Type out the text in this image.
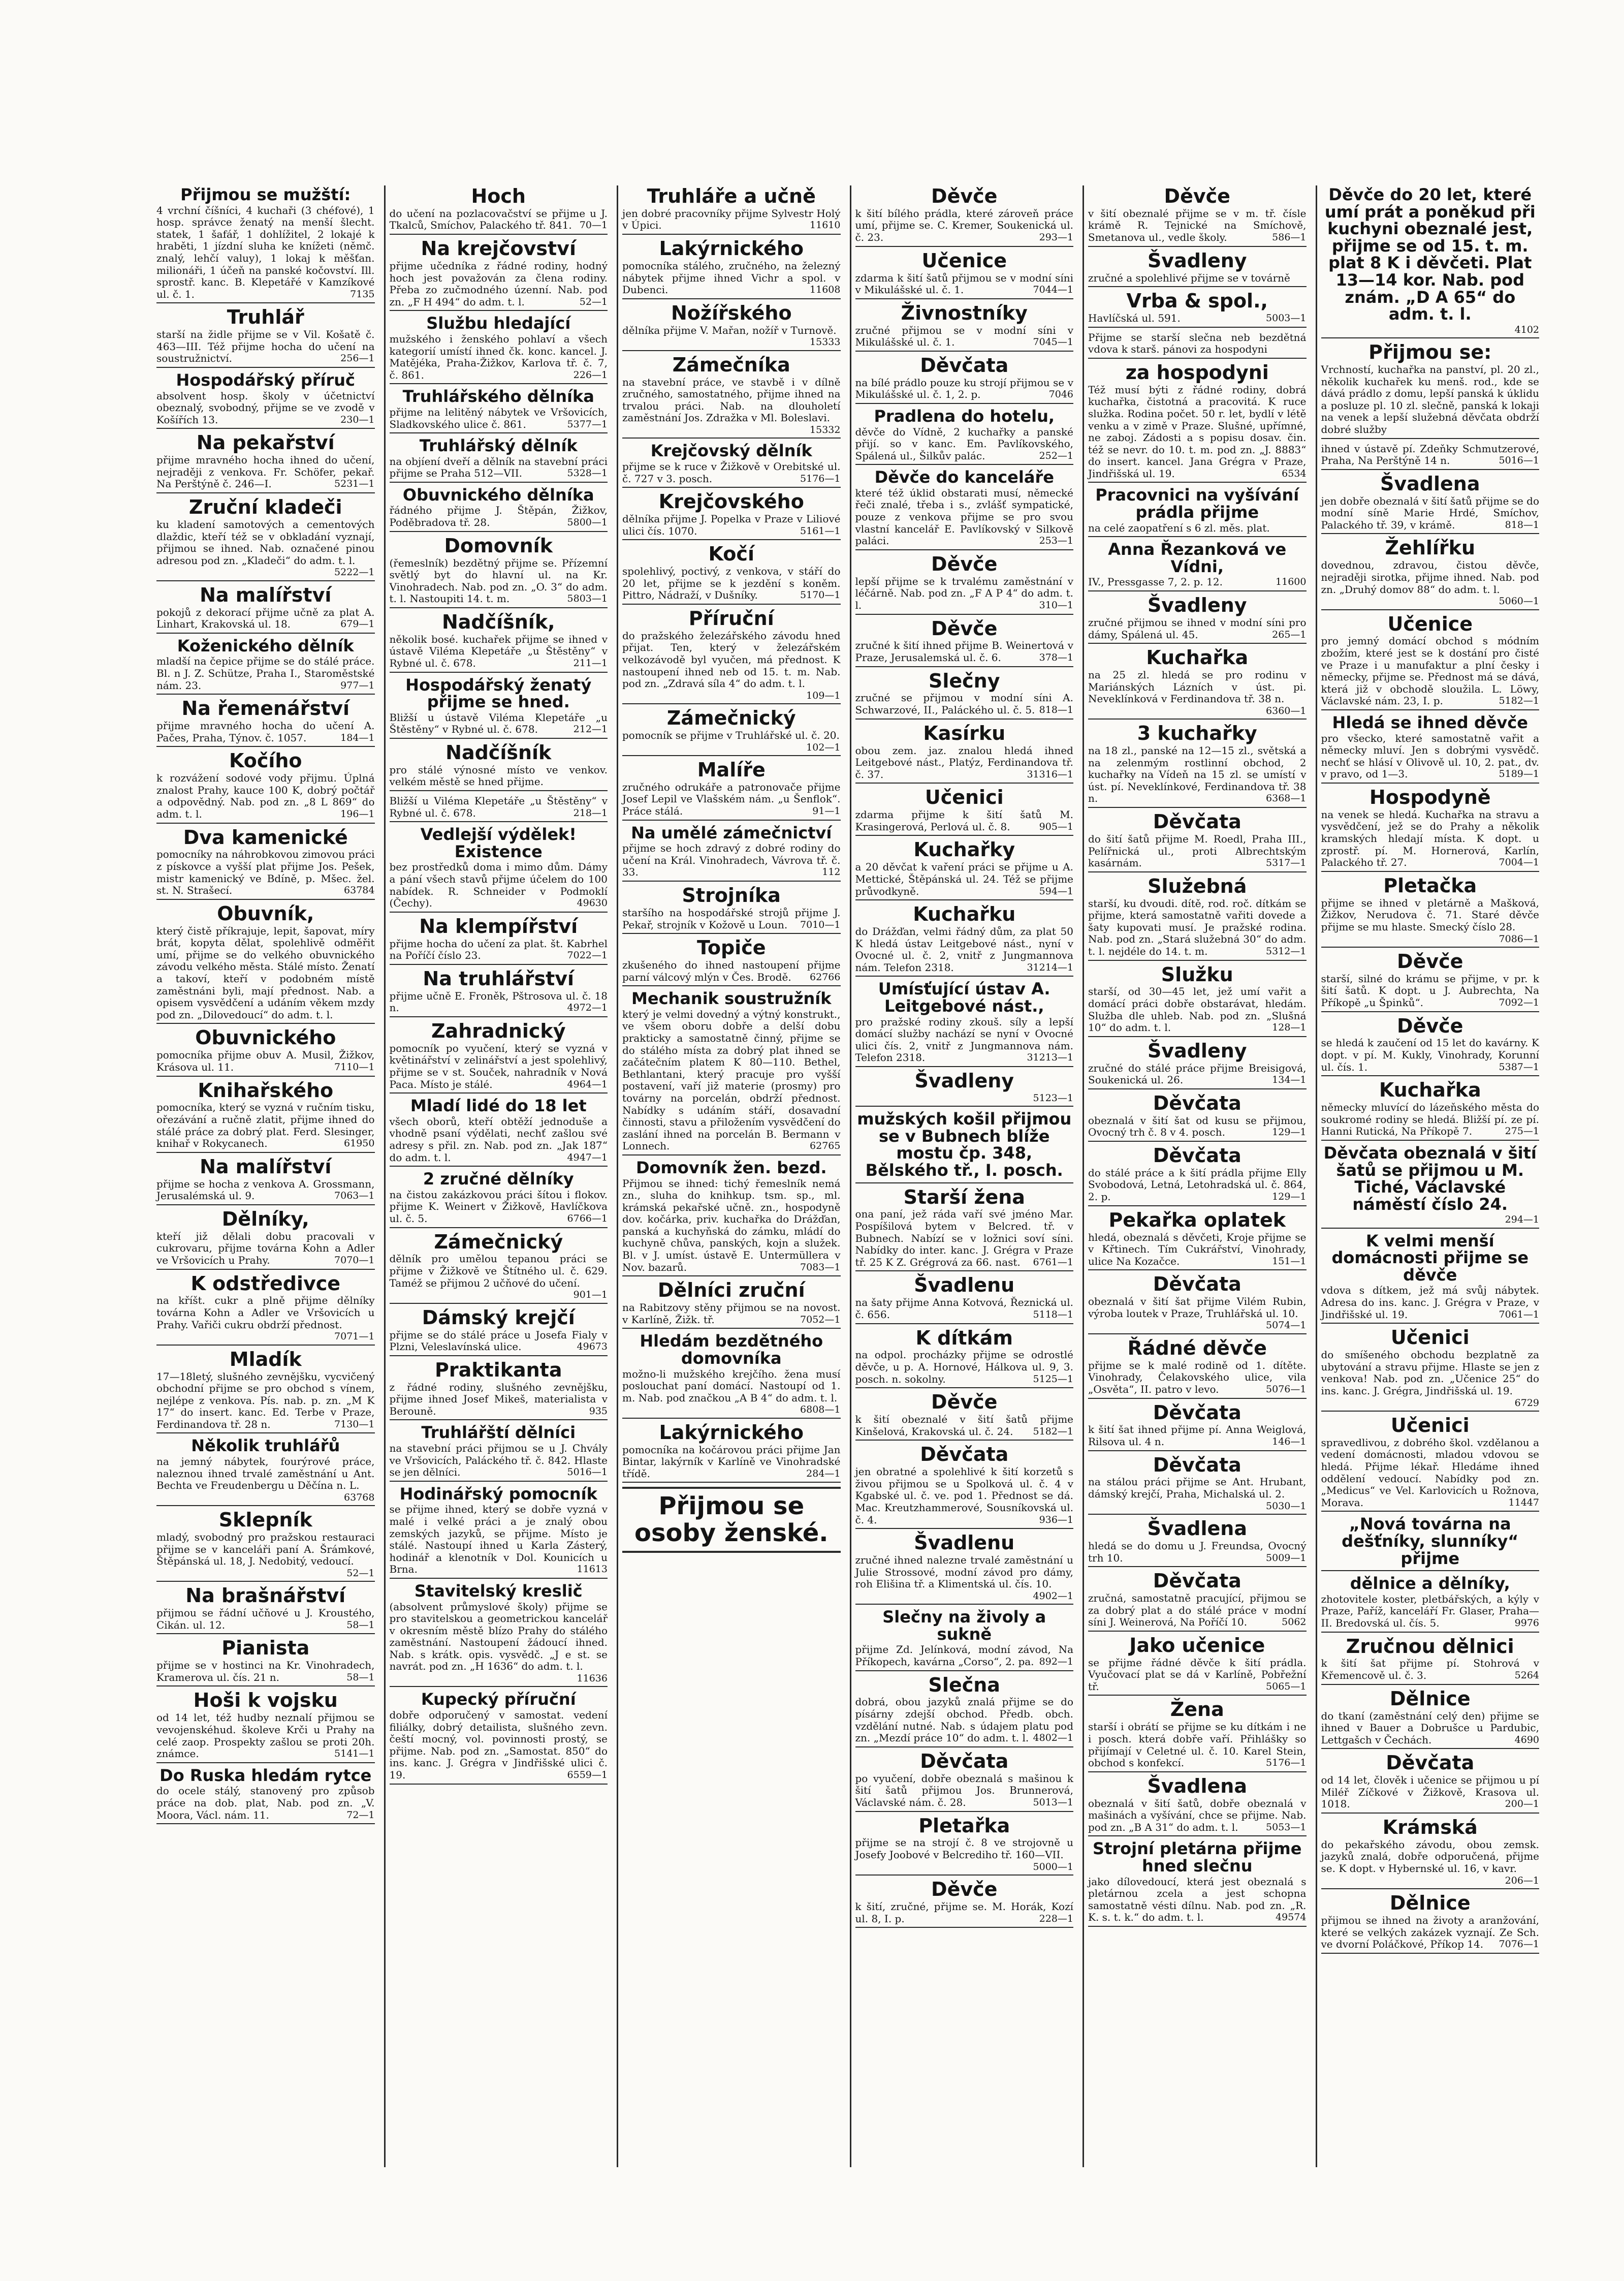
Přijmou se mužští:
4 vrchní číšníci, 4 kuchaři (3 chéfové), 1 hosp. správce ženatý na menší šlecht. statek, 1 šafář, 1 dohlížitel, 2 lokajé k hraběti, 1 jízdní sluha ke knížeti (němč. znalý, lehčí valuy), 1 lokaj k měšťan. milionáři, 1 účeň na panské kočovství. Ill. sprostř. kanc. B. Klepetářé v Kamzíkové ul. č. 1.	7135
Truhlář
starší na židle přijme se v Vil. Košatě č. 463—III. Též přijme hocha do učení na soustružnictví.	256—1
Hospodářský příruč
absolvent hosp. školy v účetnictví obeznalý, svobodný, přijme se ve zvodě v Košířích 13.	230—1
Na pekařství
přijme mravného hocha ihned do učení, nejraději z venkova. Fr. Schöfer, pekař. Na Perštýně č. 246—I.	5231—1
Zruční kladeči
ku kladení samotových a cementových dlaždic, kteří též se v obkladání vyznají, přijmou se ihned. Nab. označené pinou adresou pod zn. „Kladeči“ do adm. t. l.
5222—1
Na malířství
pokojů z dekorací přijme učně za plat A. Linhart, Krakovská ul. 18.	679—1
Koženického dělník
mladší na čepice přijme se do stálé práce. Bl. n J. Z. Schütze, Praha I., Staroměstské nám. 23.	977—1
Na řemenářství
přijme mravného hocha do učení A. Pačes, Praha, Týnov. č. 1057.	184—1
Kočího
k rozvážení sodové vody přijmu. Úplná znalost Prahy, kauce 100 K, dobrý počtář a odpovědný. Nab. pod zn. „8 L 869“ do adm. t. l.	196—1
Dva kamenické
pomocníky na náhrobkovou zimovou práci z pískovce a vyšší plat přijme Jos. Pešek, mistr kamenický ve Bdíně, p. Mšec. žel. st. N. Strašecí.	63784
Obuvník,
který čistě příkrajuje, lepit, šapovat, míry brát, kopyta dělat, spolehlivě odměřit umí, přijme se do velkého obuvnického závodu velkého města. Stálé místo. Ženatí a takoví, kteří v podobném místě zaměstnáni byli, mají přednost. Nab. a opisem vysvědčení a udáním věkem mzdy pod zn. „Dilovedoucí“ do adm. t. l.
Obuvnického
pomocníka přijme obuv A. Musil, Žižkov, Krásova ul. 11.	7110—1
Knihařského
pomocníka, který se vyzná v ručním tisku, ořezávání a ručně zlatit, přijme ihned do stálé práce za dobrý plat. Ferd. Slesinger, knihař v Rokycanech.	61950
Na malířství
přijme se hocha z venkova A. Grossmann, Jerusalémská ul. 9.	7063—1
Dělníky,
kteří již dělali dobu pracovali v cukrovaru, přijme továrna Kohn a Adler ve Vršovicích u Prahy.	7070—1
K odstředivce
na kříšt. cukr a plně přijme dělníky továrna Kohn a Adler ve Vršovicích u Prahy. Vařiči cukru obdrží přednost.
7071—1
Mladík
17—18letý, slušného zevnějšku, vycvičený obchodní přijme se pro obchod s vínem, nejlépe z venkova. Pís. nab. p. zn. „M K 17“ do insert. kanc. Ed. Terbe v Praze, Ferdinandova tř. 28 n.	7130—1
Několik truhlářů
na jemný nábytek, fourýrové práce, naleznou ihned trvalé zaměstnání u Ant. Bechta ve Freudenbergu u Děčína n. L.
63768
Sklepník
mladý, svobodný pro pražskou restauraci přijme se v kanceláři paní A. Šrámkové, Štěpánská ul. 18, J. Nedobitý, vedoucí.
52—1
Na brašnářství
přijmou se řádní učňové u J. Kroustého, Cikán. ul. 12.	58—1
Pianista
přijme se v hostinci na Kr. Vinohradech, Kramerova ul. čís. 21 n.	58—1
Hoši k vojsku
od 14 let, též hudby neznalí přijmou se vevojenskéhud. školeve Krči u Prahy na celé zaop. Prospekty zašlou se proti 20h. známce.	5141—1
Do Ruska hledám rytce
do ocele stálý, stanovený pro způsob práce na dob. plat, Nab. pod zn. „V. Moora, Václ. nám. 11.	72—1
Hoch
do učení na pozlacovačství se přijme u J. Tkalců, Smíchov, Palackého tř. 841. 70—1
Na krejčovství
přijme učedníka z řádné rodiny, hodný hoch jest považován za člena rodiny. Přeba zo zučmodného úzenní. Nab. pod zn. „F H 494“ do adm. t. l.	52—1
Službu hledající
mužského i ženského pohlaví a všech kategorií umístí ihned čk. konc. kancel. J. Matějéka, Praha-Žižkov, Karlova tř. č. 7, č. 861.	226—1
Truhlářského dělníka
přijme na lelitěný nábytek ve Vršovicích, Sladkovského ulice č. 861.	5377—1
Truhlářský dělník
na objíení dveří a dělník na stavební práci přijme se Praha 512—VII.	5328—1
Obuvnického dělníka
řádného přijme J. Štěpán, Žižkov, Poděbradova tř. 28.	5800—1
Domovník
(řemeslník) bezdětný přijme se. Přízemní světlý byt do hlavní ul. na Kr. Vinohradech. Nab. pod zn. „O. 3“ do adm. t. l. Nastoupiti 14. t. m.	5803—1
Nadčíšník,
několik bosé. kuchařek přijme se ihned v ústavě Viléma Klepetáře „u Štěstěny“ v Rybné ul. č. 678.	211—1
Hospodářský ženatý přijme se hned.
Bližší u ústavě Viléma Klepetáře „u Štěstěny“ v Rybné ul. č. 678.	212—1
Nadčíšník
pro stálé výnosné místo ve venkov. velkém městě se hned přijme.
Bližší u Viléma Klepetáře „u Štěstěny“ v Rybné ul. č. 678.	218—1
Vedlejší výdělek! Existence
bez prostředků doma i mimo dům. Dámy a pání všech stavů přijme účelem do 100 nabídek. R. Schneider v Podmoklí (Čechy).	49630
Na klempířství
přijme hocha do učení za plat. št. Kabrhel na Poříčí číslo 23.	7022—1
Na truhlářství
přijme učně E. Froněk, Pštrosova ul. č. 18 n.	4972—1
Zahradnický
pomocník po vyučení, který se vyzná v květinářství v zelinářství a jest spolehlivý, přijme se v st. Souček, nahradník v Nová Paca. Místo je stálé.	4964—1
Mladí lidé do 18 let
všech oborů, kteří obtěží jednoduše a vhodně psaní výdělati, nechť zašlou své adresy s přil. zn. Nab. pod zn. „Jak 187“ do adm. t. l.	4947—1
2 zručné dělníky
na čistou zakázkovou práci šítou i flokov. přijme K. Weinert v Žižkově, Havlíčkova ul. č. 5.	6766—1
Zámečnický
dělník pro umělou tepanou práci se přijme v Žižkově ve Štítného ul. č. 629. Taméž se přijmou 2 učňové do učení.
901—1
Dámský krejčí
přijme se do stálé práce u Josefa Fialy v Plzni, Veleslavínská ulice.	49673
Praktikanta
z řádné rodiny, slušného zevnějšku, přijme ihned Josef Mikeš, materialista v Berouně.	935
Truhlářští dělníci
na stavební práci přijmou se u J. Chvály ve Vršovicích, Paláckého tř. č. 842. Hlaste se jen dělníci.	5016—1
Hodinářský pomocník
se přijme ihned, který se dobře vyzná v malé i velké práci a je znalý obou zemských jazyků, se přijme. Místo je stálé. Nastoupí ihned u Karla Zásterý, hodinář a klenotník v Dol. Kounicích u Brna.	11613
Stavitelský kreslič
(absolvent průmyslové školy) přijme se pro stavitelskou a geometrickou kancelář v okresním městě blízo Prahy do stálého zaměstnání. Nastoupení žádoucí ihned. Nab. s krátk. opis. vysvědč. „J e st. se navrát. pod zn. „H 1636“ do adm. t. l.
11636
Kupecký příruční
dobře odporučený v samostat. vedení filiálky, dobrý detailista, slušného zevn. čeští mocný, vol. povinnosti prostý, se přijme. Nab. pod zn. „Samostat. 850“ do ins. kanc. J. Grégra v Jindřišské ulici č. 19.	6559—1
Truhláře a učně
jen dobré pracovníky přijme Sylvestr Holý v Úpici.	11610
Lakýrnického
pomocníka stálého, zručného, na železný nábytek přijme ihned Vichr a spol. v Dubenci.	11608
Nožířského
dělníka přijme V. Mařan, nožíř v Turnově.
15333
Zámečníka
na stavební práce, ve stavbě i v dílně zručného, samostatného, přijme ihned na trvalou práci. Nab. na dlouholetí zaměstnání Jos. Zdražka v Ml. Boleslavi.
15332
Krejčovský dělník
přijme se k ruce v Žižkově v Orebitské ul. č. 727 v 3. posch.	5176—1
Krejčovského
dělníka přijme J. Popelka v Praze v Liliové ulici čís. 1070.	5161—1
Kočí
spolehlivý, poctivý, z venkova, v stáří do 20 let, přijme se k jezdění s koněm. Pittro, Nádraží, v Dušníky.	5170—1
Příruční
do pražského železářského závodu hned přijat. Ten, který v železářském velkozávodě byl vyučen, má přednost. K nastoupení ihned neb od 15. t. m. Nab. pod zn. „Zdravá síla 4“ do adm. t. l.
109—1
Zámečnický
pomocník se přijme v Truhlářské ul. č. 20.
102—1
Malíře
zručného odrukáře a patronovače přijme Josef Lepil ve Vlašském nám. „u Šenflok“. Práce stálá.	91—1
Na umělé zámečnictví
přijme se hoch zdravý z dobré rodiny do učení na Král. Vinohradech, Vávrova tř. č. 33.	112
Strojníka
staršího na hospodářské strojů přijme J. Pekař, strojník v Kožově u Loun. 7010—1
Topiče
zkušeného do ihned nastoupení přijme parní válcový mlýn v Čes. Brodě. 62766
Mechanik soustružník
který je velmi dovedný a výtný konstrukt., ve všem oboru dobře a delší dobu prakticky a samostatně činný, přijme se do stálého místa za dobrý plat ihned se začátečním platem K 80—110. Bethel, Bethlantani, který pracuje pro vyšší postavení, vaří již materie (prosmy) pro továrny na porcelán, obdrží přednost. Nabídky s udáním stáří, dosavadní činnosti, stavu a přiložením vysvědčení do zaslání ihned na porcelán B. Bermann v Lonnech.	62765
Domovník žen. bezd.
Přijmou se ihned: tichý řemeslník nemá zn., sluha do knihkup. tsm. sp., ml. krámská pekařské učně. zn., hospodyně dov. kočárka, priv. kuchařka do Drážďan, panská a kuchyňská do zámku, mládí do kuchyně chůva, panských, kojn a služek. Bl. v J. umíst. ústavě E. Untermüllera v Nov. bazarů.	7083—1
Dělníci zruční
na Rabitzovy stěny přijmou se na novost. v Karlíně, Žižk. tř.	7052—1
Hledám bezdětného domovníka
možno-li mužského krejčího. žena musí poslouchat paní domácí. Nastoupí od 1. m. Nab. pod značkou „A B 4“ do adm. t. l.
6808—1
Lakýrnického
pomocníka na kočárovou práci přijme Jan Bintar, lakýrník v Karlíně ve Vinohradské třídě.	284—1
Přijmou se osoby ženské.
Děvče
k šití bílého prádla, které zároveň práce umí, přijme se. C. Kremer, Soukenická ul. č. 23.	293—1
Učenice
zdarma k šití šatů přijmou se v modní síni v Mikulášské ul. č. 1.	7044—1
Živnostníky
zručné přijmou se v modní síni v Mikulášské ul. č. 1.	7045—1
Děvčata
na bílé prádlo pouze ku strojí přijmou se v Mikulášské ul. č. 1, 2. p.	7046
Pradlena do hotelu,
děvče do Vídně, 2 kuchařky a panské přijí. so v kanc. Em. Pavlíkovského, Spálená ul., Šilkův palác.	252—1
Děvče do kanceláře
které též úklid obstarati musí, německé řeči znalé, třeba i s., zvlášť sympatické, pouze z venkova přijme se pro svou vlastní kancelář E. Pavlíkovský v Silkově paláci.	253—1
Děvče
lepší přijme se k trvalému zaměstnání v léčárně. Nab. pod zn. „F A P 4“ do adm. t. l.	310—1
Děvče
zručné k šití ihned přijme B. Weinertová v Praze, Jerusalemská ul. č. 6.	378—1
Slečny
zručné se přijmou v modní síni A. Schwarzové, II., Paláckého ul. č. 5. 818—1
Kasírku
obou zem. jaz. znalou hledá ihned Leitgebové nást., Platýz, Ferdinandova tř. č. 37.	31316—1
Učenici
zdarma přijme k šití šatů M. Krasingerová, Perlová ul. č. 8.	905—1
Kuchařky
a 20 děvčat k vaření práci se přijme u A. Mettické, Štěpánská ul. 24. Též se přijme průvodkyně.	594—1
Kuchařku
do Drážďan, velmi řádný dům, za plat 50 K hledá ústav Leitgebové nást., nyní v Ovocné ul. č. 2, vnitř z Jungmannova nám. Telefon 2318.	31214—1
Umísťující ústav A. Leitgebové nást.,
pro pražské rodiny zkouš. síly a lepší domácí služby nachází se nyní v Ovocné ulici čís. 2, vnitř z Jungmannova nám. Telefon 2318.	31213—1
Švadleny
5123—1
mužských košil přijmou se v Bubnech blíže mostu čp. 348, Bělského tř., I. posch.
Starší žena
ona paní, jež ráda vaří své jméno Mar. Pospíšilová bytem v Belcred. tř. v Bubnech. Nabízí se v ložnici soví síni. Nabídky do inter. kanc. J. Grégra v Praze tř. 25 K Z. Grégrová za 66. nast. 6761—1
Švadlenu
na šaty přijme Anna Kotvová, Řeznická ul. č. 656.	5118—1
K dítkám
na odpol. procházky přijme se odrostlé děvče, u p. A. Hornové, Hálkova ul. 9, 3. posch. n. sokolny.	5125—1
Děvče
k šití obeznalé v šití šatů přijme Kinšelová, Krakovská ul. č. 24. 5182—1
Děvčata
jen obratné a spolehlivé k šití korzetů s živou přijmou se u Spolková ul. č. 4 v Kgabské ul. č. ve. pod 1. Přednost se dá. Mac. Kreutzhammerové, Sousníkovská ul. č. 4.	936—1
Švadlenu
zručné ihned nalezne trvalé zaměstnání u Julie Strossové, modní závod pro dámy, roh Elišina tř. a Klimentská ul. čís. 10.
4902—1
Slečny na živoly a sukně
přijme Zd. Jelínková, modní závod, Na Příkopech, kavárna „Corso“, 2. pa. 892—1
Slečna
dobrá, obou jazyků znalá přijme se do písárny zdejší obchod. Předb. obch. vzdělání nutné. Nab. s údajem platu pod zn. „Mezdí práce 10“ do adm. t. l. 4802—1
Děvčata
po vyučení, dobře obeznalá s mašinou k šití šatů přijmou Jos. Brunnerová, Václavské nám. č. 28.	5013—1
Pletařka
přijme se na strojí č. 8 ve strojovně u Josefy Joobové v Belcrediho tř. 160—VII.
5000—1
Děvče
k šití, zručné, přijme se. M. Horák, Kozí ul. 8, I. p.	228—1
Děvče
v šití obeznalé přijme se v m. tř. čísle krámě R. Tejnické na Smíchově, Smetanova ul., vedle školy.	586—1
Švadleny
zručné a spolehlivé přijme se v továrně
Vrba & spol.,
Havlíčská ul. 591.	5003—1
Přijme se starší slečna neb bezdětná vdova k starš. pánovi za hospodyni
za hospodyni
Též musí býti z řádné rodiny, dobrá kuchařka, čistotná a pracovitá. K ruce služka. Rodina počet. 50 r. let, bydlí v létě venku a v zimě v Praze. Slušné, upřímné, ne zaboj. Zádosti a s popisu dosav. čin. též se nevr. do 10. t. m. pod zn. „J. 8883“ do insert. kancel. Jana Grégra v Praze, Jindřišská ul. 19.	6534
Pracovnici na vyšívání prádla přijme
na celé zaopatření s 6 zl. měs. plat.
Anna Řezanková ve Vídni,
IV., Pressgasse 7, 2. p. 12.	11600
Švadleny
zručné přijmou se ihned v modní síni pro dámy, Spálená ul. 45.	265—1
Kuchařka
na 25 zl. hledá se pro rodinu v Mariánských Lázních v úst. pi. Neveklínková v Ferdinandova tř. 38 n.
6360—1
3 kuchařky
na 18 zl., panské na 12—15 zl., světská a na zelenmým rostlinní obchod, 2 kuchařky na Vídeň na 15 zl. se umístí v úst. pí. Neveklínkové, Ferdinandova tř. 38 n.	6368—1
Děvčata
do šití šatů přijme M. Roedl, Praha III., Pelířnická ul., proti Albrechtským kasárnám.	5317—1
Služebná
starší, ku dvoudi. dítě, rod. roč. dítkám se přijme, která samostatně vařiti dovede a šaty kupovati musí. Je pražské rodina. Nab. pod zn. „Stará služebná 30“ do adm. t. l. nejdéle do 14. t. m.	5312—1
Služku
starší, od 30—45 let, jež umí vařit a domácí práci dobře obstarávat, hledám. Služba dle uhleb. Nab. pod zn. „Slušná 10“ do adm. t. l.	128—1
Švadleny
zručné do stálé práce přijme Breisigová, Soukenická ul. 26.	134—1
Děvčata
obeznalá v šití šat od kusu se přijmou, Ovocný trh č. 8 v 4. posch.	129—1
Děvčata
do stálé práce a k šití prádla přijme Elly Svobodová, Letná, Letohradská ul. č. 864, 2. p.	129—1
Pekařka oplatek
hledá, obeznalá s děvčeti, Kroje přijme se v Křtinech. Tím Cukrářství, Vinohrady, ulice Na Kozačce.	151—1
Děvčata
obeznalá v šití šat přijme Vilém Rubin, výroba loutek v Praze, Truhlářská ul. 10.
5074—1
Řádné děvče
přijme se k malé rodině od 1. dítěte. Vinohrady, Čelakovského ulice, vila „Osvěta“, II. patro v levo.	5076—1
Děvčata
k šití šat ihned přijme pí. Anna Weiglová, Rilsova ul. 4 n.	146—1
Děvčata
na stálou práci přijme se Ant. Hrubant, dámský krejčí, Praha, Michalská ul. 2.
5030—1
Švadlena
hledá se do domu u J. Freundsa, Ovocný trh 10.	5009—1
Děvčata
zručná, samostatně pracující, přijmou se za dobrý plat a do stálé práce v modní síni J. Weinerová, Na Poříčí 10.	5062
Jako učenice
se přijme řádné děvče k šití prádla. Vyučovací plat se dá v Karlíně, Pobřežní tř.	5065—1
Žena
starší i obrátí se přijme se ku dítkám i ne i posch. která dobře vaří. Přihlášky so přijímají v Celetné ul. č. 10. Karel Stein, obchod s konfekcí.	5176—1
Švadlena
obeznalá v šití šatů, dobře obeznalá v mašinách a vyšívání, chce se přijme. Nab. pod zn. „B A 31“ do adm. t. l.	5053—1
Strojní pletárna přijme hned slečnu
jako dílovedoucí, která jest obeznalá s pletárnou zcela a jest schopna samostatně vésti dílnu. Nab. pod zn. „R. K. s. t. k.“ do adm. t. l.	49574
Děvče do 20 let, které umí prát a poněkud při kuchyni obeznalé jest, přijme se od 15. t. m. plat 8 K i děvčeti. Plat 13—14 kor. Nab. pod znám. „D A 65“ do adm. t. l.
4102
Přijmou se:
Vrchností, kuchařka na panství, pl. 20 zl., několik kuchařek ku menš. rod., kde se dává prádlo z domu, lepší panská k úklidu a posluze pl. 10 zl. slečně, panská k lokaji na venek a lepší služebná děvčata obdrží dobré služby
ihned v ústavě pí. Zdeňky Schmutzerové, Praha, Na Perštýně 14 n.	5016—1
Švadlena
jen dobře obeznalá v šití šatů přijme se do modní síně Marie Hrdé, Smíchov, Palackého tř. 39, v krámě.	818—1
Žehlířku
dovednou, zdravou, čistou děvče, nejraději sirotka, přijme ihned. Nab. pod zn. „Druhý domov 88“ do adm. t. l.
5060—1
Učenice
pro jemný domácí obchod s módním zbožím, které jest se k dostání pro čisté ve Praze i u manufaktur a plní česky i německy, přijme se. Přednost má se dává, která již v obchodě sloužila. L. Löwy, Václavské nám. 23, I. p.	5182—1
Hledá se ihned děvče
pro všecko, které samostatně vařit a německy mluví. Jen s dobrými vysvědč. nechť se hlásí v Olivově ul. 10, 2. pat., dv. v pravo, od 1—3.	5189—1
Hospodyně
na venek se hledá. Kuchařka na stravu a vysvědčení, jež se do Prahy a několik kramských hledají místa. K dopt. u zprostř. pí. M. Hornerová, Karlín, Palackého tř. 27.	7004—1
Pletačka
přijme se ihned v pletárně a Mašková, Žižkov, Nerudova č. 71. Staré děvče přijme se mu hlaste. Smecký číslo 28.
7086—1
Děvče
starší, silné do krámu se přijme, v pr. k šití šatů. K dopt. u J. Aubrechta, Na Příkopě „u Špinků“.	7092—1
Děvče
se hledá k zaučení od 15 let do kavárny. K dopt. v pí. M. Kukly, Vinohrady, Korunní ul. čís. 1.	5387—1
Kuchařka
německy mluvící do lázeňského města do soukromé rodiny se hledá. Bližší pí. ze pí. Hanni Rutická, Na Příkopě 7.	275—1
Děvčata obeznalá v šití šatů se přijmou u M. Tiché, Václavské náměstí číslo 24.
294—1
K velmi menší domácnosti přijme se děvče
vdova s dítkem, jež má svůj nábytek. Adresa do ins. kanc. J. Grégra v Praze, v Jindřišské ul. 19.	7061—1
Učenici
do smíšeného obchodu bezplatně za ubytování a stravu přijme. Hlaste se jen z venkova! Nab. pod zn. „Učenice 25“ do ins. kanc. J. Grégra, Jindřišská ul. 19.
6729
Učenici
spravedlivou, z dobrého škol. vzdělanou a vedení domácnosti, mladou vdovou se hledá. Přijme lékař. Hledáme ihned oddělení vedoucí. Nabídky pod zn. „Medicus“ ve Vel. Karlovicích u Rožnova, Morava.	11447
„Nová továrna na dešťníky, slunníky“ přijme
dělnice a dělníky,
zhotovitele koster, pletbářských, a kýly v Praze, Paříž, kanceláří Fr. Glaser, Praha—II. Bredovská ul. čís. 5.	9976
Zručnou dělnici
k šití šat přijme pí. Stohrová v Křemencově ul. č. 3.	5264
Dělnice
do tkaní (zaměstnání celý den) přijme se ihned v Bauer a Dobrušce u Pardubic, Lettgašch v Čechách.	4690
Děvčata
od 14 let, člověk i učenice se přijmou u pí Miléř Zíčkové v Žižkově, Krasova ul. 1018.	200—1
Krámská
do pekařského závodu, obou zemsk. jazyků znalá, dobře odporučená, přijme se. K dopt. v Hybernské ul. 16, v kavr.
206—1
Dělnice
přijmou se ihned na životy a aranžování, které se velkých zakázek vyznají. Ze Sch. ve dvorní Poláčkové, Příkop 14. 7076—1
